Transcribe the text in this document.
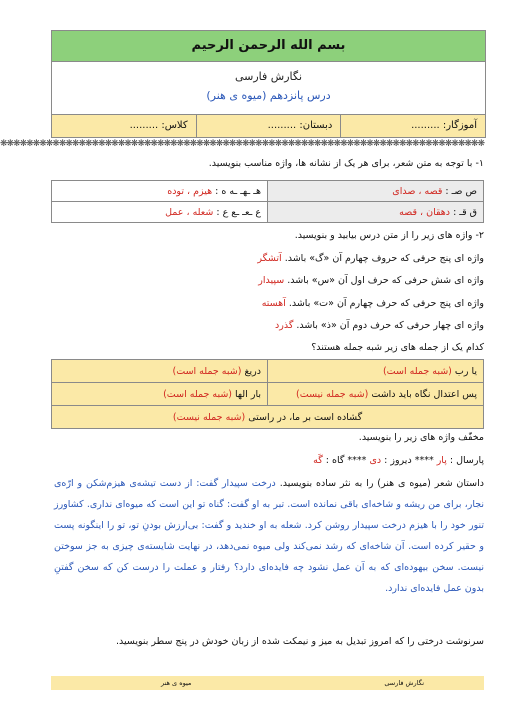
بسم الله الرحمن الرحیم
نگارش فارسی
درس پانزدهم (میوه ی هنر)
آموزگار: .........
دبستان: .........
کلاس: .........
❋❋❋❋❋❋❋❋❋❋❋❋❋❋❋❋❋❋❋❋❋❋❋❋❋❋❋❋❋❋❋❋❋❋❋❋❋❋❋❋❋❋❋❋❋❋❋❋❋❋❋❋❋❋❋❋❋❋❋❋❋❋❋❋❋❋❋❋❋❋❋❋❋❋
۱- با توجه به متن شعر، برای هر یک از نشانه ها، واژه مناسب بنویسید.
ص صـ : قصه ، صدای	هـ ـهـ ـه ه : هیزم ، توده
ق قـ : دهقان ، قصه	ع ـعـ ـع ع : شعله ، عمل
۲- واژه های زیر را از متن درس بیابید و بنویسید.
واژه ای پنج حرفی که حروف چهارم آن «گ» باشد. آتشگر
واژه ای شش حرفی که حرف اول آن «س» باشد. سپیدار
واژه ای پنج حرفی که حرف چهارم آن «ت» باشد. آهسته
واژه ای چهار حرفی که حرف دوم آن «ذ» باشد. گذرد
کدام یک از جمله های زیر شبه جمله هستند؟
یا رب (شبه جمله است)	دریغ (شبه جمله است)
پس اعتدال نگاه باید داشت (شبه جمله نیست)	بار الها (شبه جمله است)
گشاده است بر ما، در راستی (شبه جمله نیست)	
مخفّف واژه های زیر را بنویسید.
پارسال : پار **** دیروز : دی **** گاه : گَه
داستان شعر (میوه ی هنر) را به نثر ساده بنویسید. درخت سپیدار گفت: از دست تیشه‌ی هیزم‌شکن و ارّه‌ی نجار، برای من ریشه و شاخه‌ای باقی نمانده است. تبر به او گفت: گناه تو این است که میوه‌ای نداری. کشاورز تنور خود را با هیزم درخت سپیدار روشن کرد. شعله به او خندید و گفت: بی‌ارزش بودنِ تو، تو را اینگونه پست و حقیر کرده است. آن شاخه‌ای که رشد نمی‌کند ولی میوه نمی‌دهد، در نهایت شایسته‌ی چیزی به جز سوختن نیست. سخن بیهوده‌ای که به آن عمل نشود چه فایده‌ای دارد؟ رفتار و عملت را درست کن که سخن گفتنِ بدون عمل فایده‌ای ندارد.
سرنوشت درختی را که امروز تبدیل به میز و نیمکت شده از زبان خودش در پنج سطر بنویسید.
نگارش فارسی
میوه ی هنر
